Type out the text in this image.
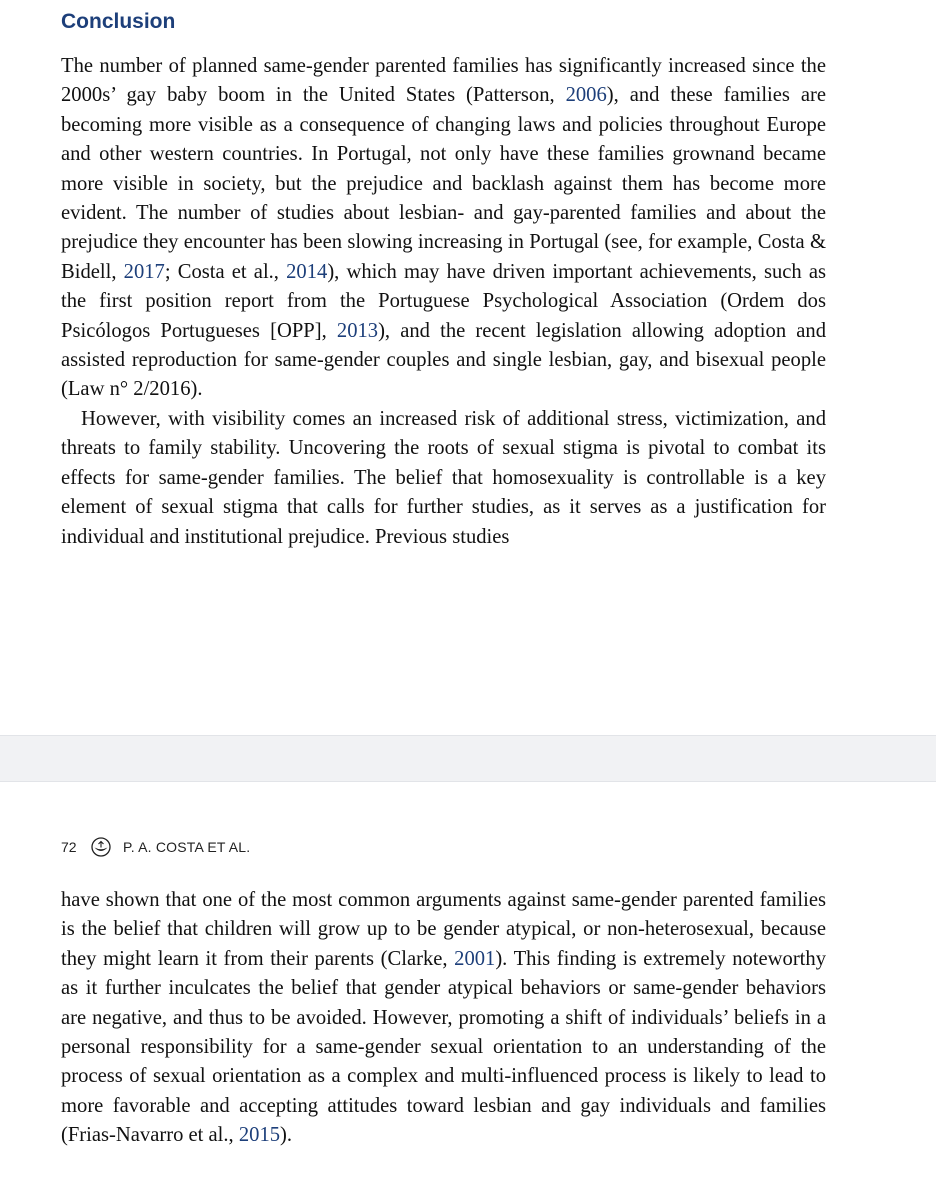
Conclusion

The number of planned same-gender parented families has significantly increased since the 2000s’ gay baby boom in the United States (Patterson, 2006), and these families are becoming more visible as a consequence of changing laws and policies throughout Europe and other western countries. In Portugal, not only have these families grownand became more visible in society, but the prejudice and backlash against them has become more evident. The number of studies about lesbian- and gay-parented families and about the prejudice they encounter has been slowing increasing in Portugal (see, for example, Costa & Bidell, 2017; Costa et al., 2014), which may have driven important achievements, such as the first position report from the Portuguese Psychological Association (Ordem dos Psicólogos Portugueses [OPP], 2013), and the recent legislation allowing adoption and assisted reproduction for same-gender couples and single lesbian, gay, and bisexual people (Law n° 2/2016).

However, with visibility comes an increased risk of additional stress, victimization, and threats to family stability. Uncovering the roots of sexual stigma is pivotal to combat its effects for same-gender families. The belief that homosexuality is controllable is a key element of sexual stigma that calls for further studies, as it serves as a justification for individual and institutional prejudice. Previous studies

72	P. A. COSTA ET AL.

have shown that one of the most common arguments against same-gender parented families is the belief that children will grow up to be gender atypical, or non-heterosexual, because they might learn it from their parents (Clarke, 2001). This finding is extremely noteworthy as it further inculcates the belief that gender atypical behaviors or same-gender behaviors are negative, and thus to be avoided. However, promoting a shift of individuals’ beliefs in a personal responsibility for a same-gender sexual orientation to an understanding of the process of sexual orientation as a complex and multi-influenced process is likely to lead to more favorable and accepting attitudes toward lesbian and gay individuals and families (Frias-Navarro et al., 2015).
